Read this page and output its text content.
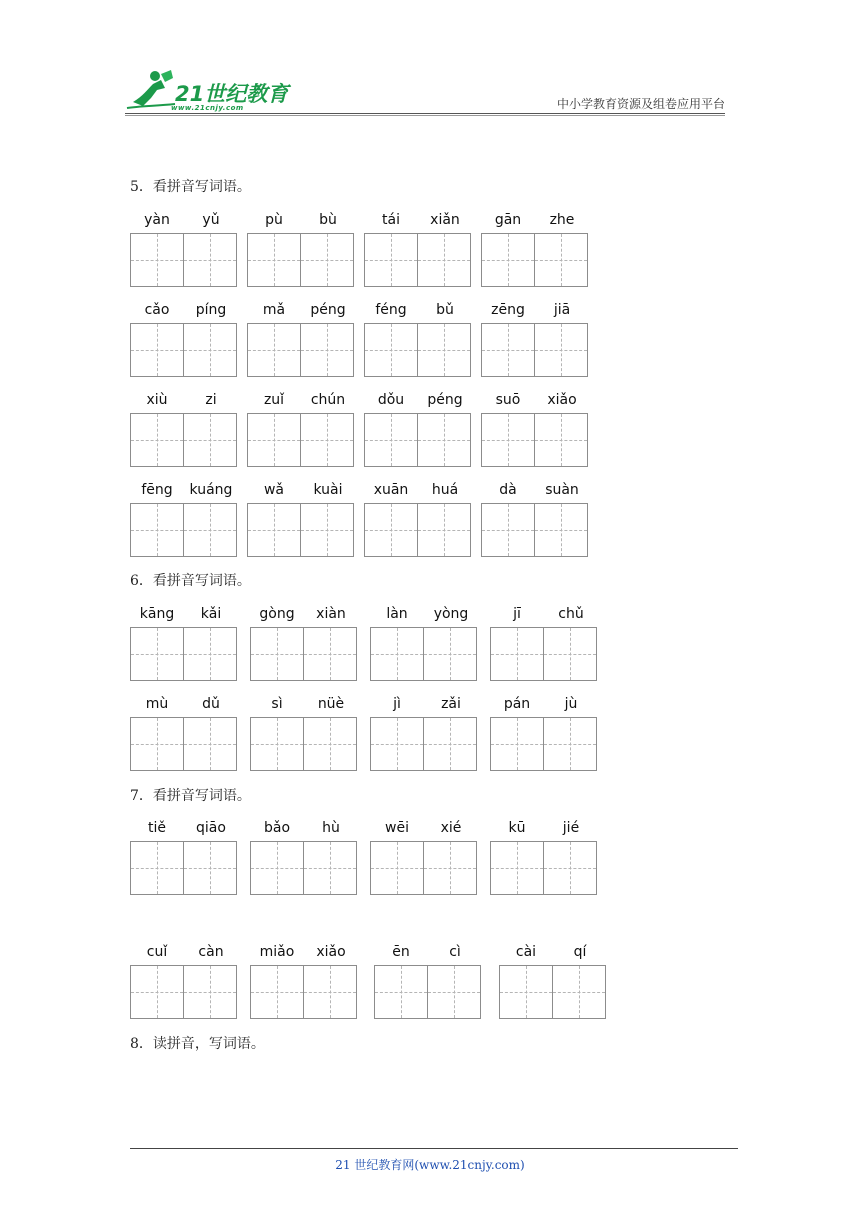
21世纪教育
www.21cnjy.com	中小学教育资源及组卷应用平台
5．看拼音写词语。
6．看拼音写词语。
7．看拼音写词语。
8．读拼音，写词语。
yàn	yǔ	pù	bù	tái	xiǎn	gān	zhe
cǎo	píng	mǎ	péng	féng	bǔ	zēng	jiā
xiù	zi	zuǐ	chún	dǒu	péng	suō	xiǎo
fēng	kuáng	wǎ	kuài	xuān	huá	dà	suàn
kāng	kǎi	gòng	xiàn	làn	yòng	jī	chǔ
mù	dǔ	sì	nüè	jì	zǎi	pán	jù
tiě	qiāo	bǎo	hù	wēi	xié	kū	jié
cuǐ	càn	miǎo	xiǎo	ēn	cì	cài	qí
21 世纪教育网(www.21cnjy.com)
